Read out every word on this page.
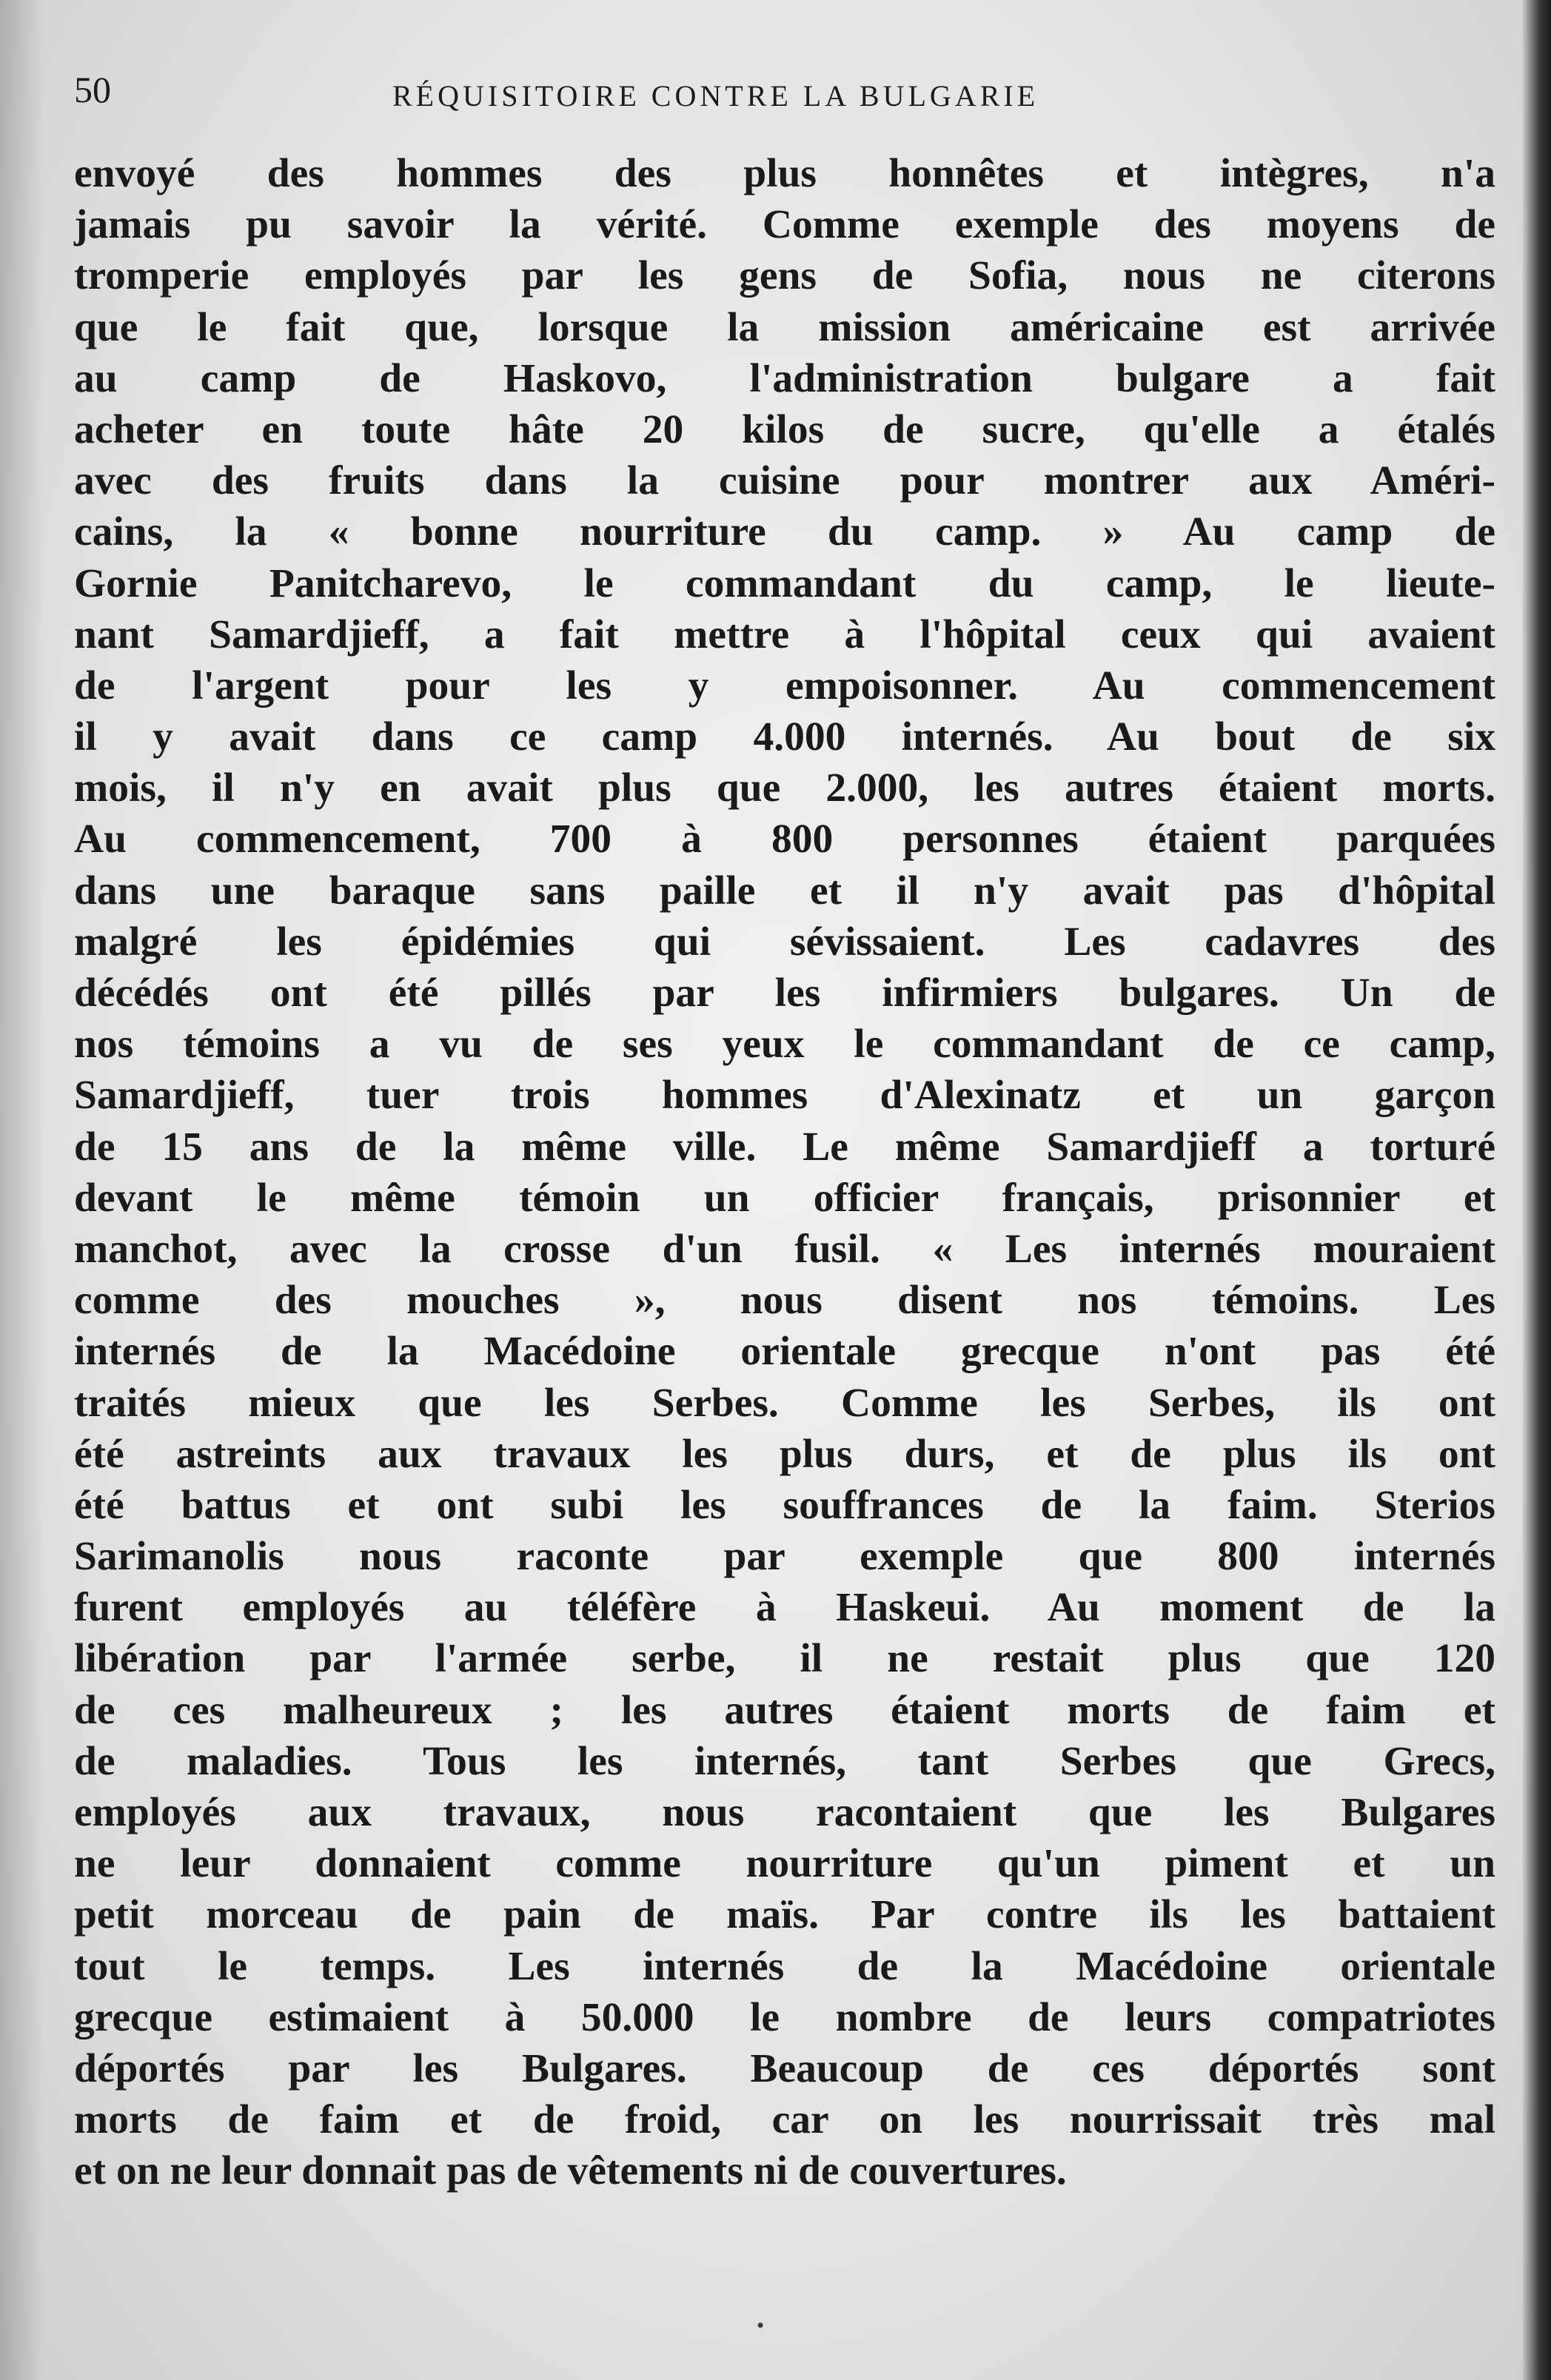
50	RÉQUISITOIRE CONTRE LA BULGARIE
envoyé des hommes des plus honnêtes et intègres, n'a
jamais pu savoir la vérité. Comme exemple des moyens de
tromperie employés par les gens de Sofia, nous ne citerons
que le fait que, lorsque la mission américaine est arrivée
au camp de Haskovo, l'administration bulgare a fait
acheter en toute hâte 20 kilos de sucre, qu'elle a étalés
avec des fruits dans la cuisine pour montrer aux Améri-
cains, la « bonne nourriture du camp. » Au camp de
Gornie Panitcharevo, le commandant du camp, le lieute-
nant Samardjieff, a fait mettre à l'hôpital ceux qui avaient
de l'argent pour les y empoisonner. Au commencement
il y avait dans ce camp 4.000 internés. Au bout de six
mois, il n'y en avait plus que 2.000, les autres étaient morts.
Au commencement, 700 à 800 personnes étaient parquées
dans une baraque sans paille et il n'y avait pas d'hôpital
malgré les épidémies qui sévissaient. Les cadavres des
décédés ont été pillés par les infirmiers bulgares. Un de
nos témoins a vu de ses yeux le commandant de ce camp,
Samardjieff, tuer trois hommes d'Alexinatz et un garçon
de 15 ans de la même ville. Le même Samardjieff a torturé
devant le même témoin un officier français, prisonnier et
manchot, avec la crosse d'un fusil. « Les internés mouraient
comme des mouches », nous disent nos témoins. Les
internés de la Macédoine orientale grecque n'ont pas été
traités mieux que les Serbes. Comme les Serbes, ils ont
été astreints aux travaux les plus durs, et de plus ils ont
été battus et ont subi les souffrances de la faim. Sterios
Sarimanolis nous raconte par exemple que 800 internés
furent employés au téléfère à Haskeui. Au moment de la
libération par l'armée serbe, il ne restait plus que 120
de ces malheureux ; les autres étaient morts de faim et
de maladies. Tous les internés, tant Serbes que Grecs,
employés aux travaux, nous racontaient que les Bulgares
ne leur donnaient comme nourriture qu'un piment et un
petit morceau de pain de maïs. Par contre ils les battaient
tout le temps. Les internés de la Macédoine orientale
grecque estimaient à 50.000 le nombre de leurs compatriotes
déportés par les Bulgares. Beaucoup de ces déportés sont
morts de faim et de froid, car on les nourrissait très mal
et on ne leur donnait pas de vêtements ni de couvertures.
•
